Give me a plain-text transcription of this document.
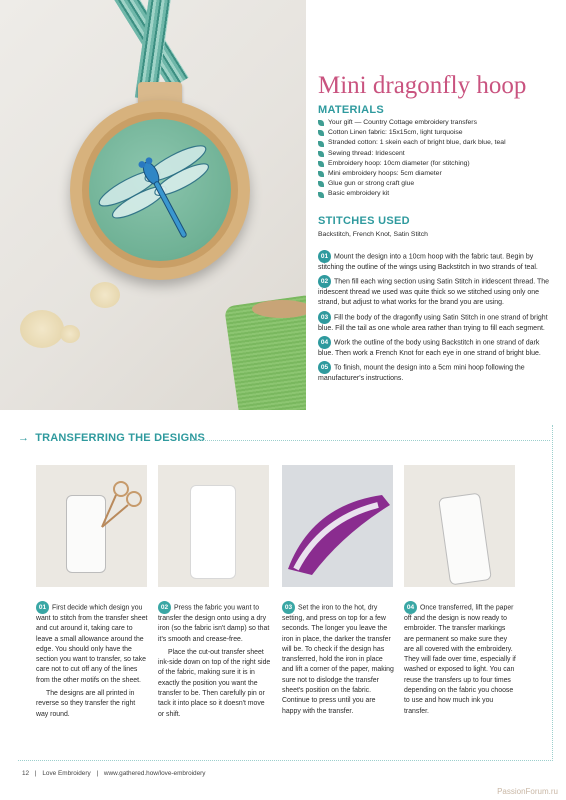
Mini dragonfly hoop
MATERIALS
Your gift — Country Cottage embroidery transfers
Cotton Linen fabric: 15x15cm, light turquoise
Stranded cotton: 1 skein each of bright blue, dark blue, teal
Sewing thread: Iridescent
Embroidery hoop: 10cm diameter (for stitching)
Mini embroidery hoops: 5cm diameter
Glue gun or strong craft glue
Basic embroidery kit
STITCHES USED
Backstitch, French Knot, Satin Stitch
01 Mount the design into a 10cm hoop with the fabric taut. Begin by stitching the outline of the wings using Backstitch in two strands of teal.
02 Then fill each wing section using Satin Stitch in iridescent thread. The iridescent thread we used was quite thick so we stitched using only one strand, but adjust to what works for the brand you are using.
03 Fill the body of the dragonfly using Satin Stitch in one strand of bright blue. Fill the tail as one whole area rather than trying to fill each segment.
04 Work the outline of the body using Backstitch in one strand of dark blue. Then work a French Knot for each eye in one strand of bright blue.
05 To finish, mount the design into a 5cm mini hoop following the manufacturer's instructions.
→ TRANSFERRING THE DESIGNS

01 First decide which design you want to stitch from the transfer sheet and cut around it, taking care to leave a small allowance around the edge. You should only have the section you want to transfer, so take care not to cut off any of the lines from the other motifs on the sheet.

The designs are all printed in reverse so they transfer the right way round.

02 Press the fabric you want to transfer the design onto using a dry iron (so the fabric isn't damp) so that it's smooth and crease-free.

Place the cut-out transfer sheet ink-side down on top of the right side of the fabric, making sure it is in exactly the position you want the transfer to be. Then carefully pin or tack it into place so it doesn't move or shift.

03 Set the iron to the hot, dry setting, and press on top for a few seconds. The longer you leave the iron in place, the darker the transfer will be. To check if the design has transferred, hold the iron in place and lift a corner of the paper, making sure not to dislodge the transfer sheet's position on the fabric. Continue to press until you are happy with the transfer.

04 Once transferred, lift the paper off and the design is now ready to embroider. The transfer markings are permanent so make sure they are all covered with the embroidery. They will fade over time, especially if washed or exposed to light. You can reuse the transfers up to four times depending on the fabric you choose to use and how much ink you transfer.

12 | Love Embroidery | www.gathered.how/love-embroidery
PassionForum.ru
